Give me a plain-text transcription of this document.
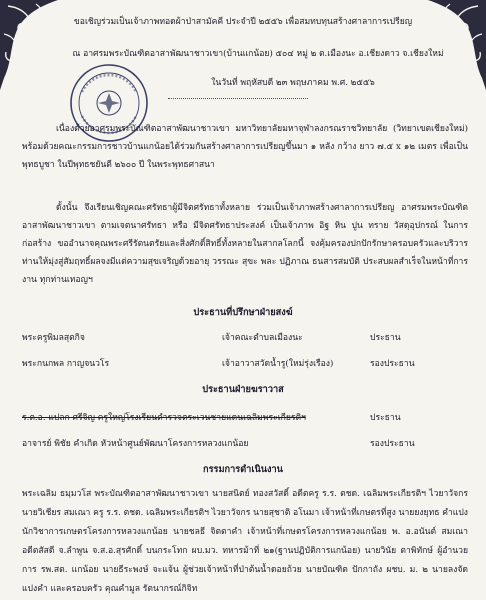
ขอเชิญร่วมเป็นเจ้าภาพทอดผ้าป่าสามัคคี ประจำปี ๒๕๕๖ เพื่อสมทบทุนสร้างศาลาการเปรียญ
ณ อาศรมพระบัณฑิตอาสาพัฒนาชาวเขา(บ้านแกน้อย) ๕๐๔ หมู่ ๒ ต.เมืองนะ อ.เชียงดาว จ.เชียงใหม่
ในวันที่ พฤหัสบดี ๒๓ พฤษภาคม พ.ศ. ๒๕๕๖
เนื่องด้วยอาศรมพระบัณฑิตอาสาพัฒนาชาวเขา มหาวิทยาลัยมหาจุฬาลงกรณราชวิทยาลัย (วิทยาเขตเชียงใหม่) พร้อมด้วยคณะกรรมการชาวบ้านแกน้อยได้ร่วมกันสร้างศาลาการเปรียญขึ้นมา ๑ หลัง กว้าง ยาว ๗.๕ x ๑๒ เมตร เพื่อเป็นพุทธบูชา ในปีพุทธชยันตี ๒๖๐๐ ปี ในพระพุทธศาสนา
ดั้งนั้น จึงเรียนเชิญคณะศรัทธาผู้มีจิตศรัทธาทั้งหลาย ร่วมเป็นเจ้าภาพสร้างศาลาการเปรียญ อาศรมพระบัณฑิตอาสาพัฒนาชาวเขา ตามเจตนาศรัทธา หรือ มีจิตศรัทธาประสงค์ เป็นเจ้าภาพ อิฐ หิน ปูน ทราย วัสดุอุปกรณ์ ในการก่อสร้าง ขออำนาจคุณพระศรีรัตนตรัยและสิ่งศักดิ์สิทธิ์ทั้งหลายในสากลโลกนี้ จงคุ้มครองปกปักรักษาครอบครัวและบริวารท่านให้มุ่งสู่สัมฤทธิ์ผลจงมีแต่ความสุขเจริญด้วยอายุ วรรณะ สุขะ พละ ปฏิภาณ ธนสารสมบัติ ประสบผลสำเร็จในหน้าที่การงาน ทุกท่านเทอญฯ
ประธานที่ปรึกษาฝ่ายสงฆ์
พระครูพิมลสุตกิจ	เจ้าคณะตำบลเมืองนะ	ประธาน
พระกนกพล กาญจนวโร	เจ้าอาวาสวัดน้ำรู(ใหม่รุ่งเรือง)	รองประธาน
ประธานฝ่ายฆราวาส
ร.ต.อ. แปลก ศรีจิญ ครูใหญ่โรงเรียนตำรวจตระเวนชายแดนเฉลิมพระเกียรติฯ	ประธาน
อาจารย์ พิชัย คำเกิด หัวหน้าศูนย์พัฒนาโครงการหลวงแกน้อย	รองประธาน
กรรมการดำเนินงาน
พระเฉลิม ธมฺมวโส พระบัณฑิตอาสาพัฒนาชาวเขา นายสนิตย์ ทองสวัสดิ์ อดีตครู ร.ร. ตชด. เฉลิมพระเกียรติฯ ไวยาวัจกร นายวิเชียร สมเณา ครู ร.ร. ตชด. เฉลิมพระเกียรติฯ ไวยาวัจกร นายสุชาติ อโนมา เจ้าหน้าที่เกษตรที่สูง นายยงยุทธ คำแปง นักวิชาการเกษตรโครงการหลวงแกน้อย นายชลธี จิตตาคำ เจ้าหน้าที่เกษตรโครงการหลวงแกน้อย พ. อ.อนันต์ สมเณา อดีตสัสดี จ.ลำพูน จ.ส.อ.สุรศักดิ์ บนกระโทก ผบ.มว. ทหารม้าที่ ๒๑(ฐานปฏิบัติการแกน้อย) นายวินัย ตาพิทักษ์ ผู้อำนวยการ รพ.สต. แกน้อย นายธีระพงษ์ จะแจ้น ผู้ช่วยเจ้าหน้าที่ป่าต้นน้ำดอยถ้วย นายบัณฑิต ปักกาถัง ผชบ. ม. ๒ นายลงจัด แปงคำ และครอบครัว คุณคำมูล รัตนากรณ์กิจิท
